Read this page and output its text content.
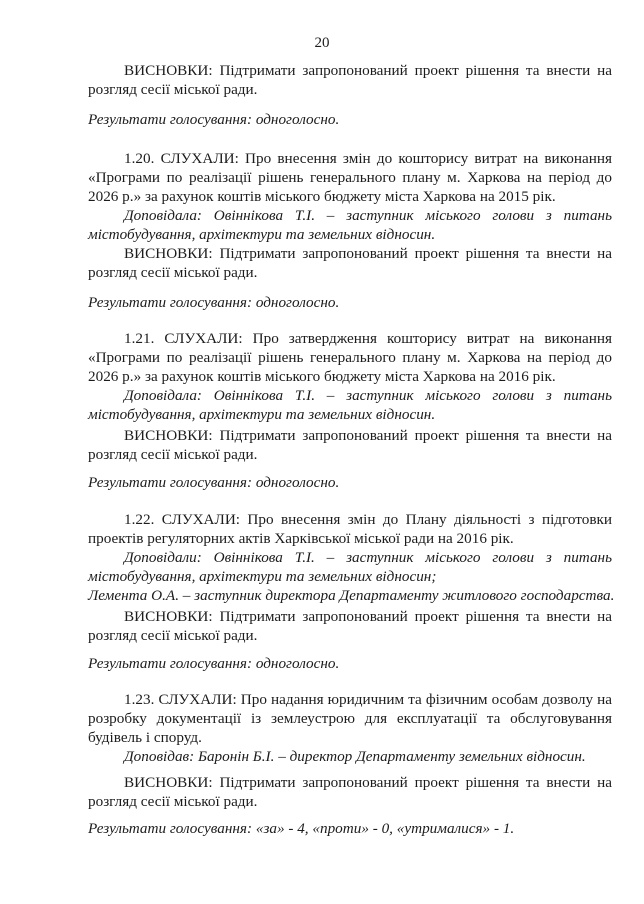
20

ВИСНОВКИ: Підтримати запропонований проект рішення та внести на розгляд сесії міської ради.

Результати голосування: одноголосно.

1.20. СЛУХАЛИ: Про внесення змін до кошторису витрат на виконання «Програми по реалізації рішень генерального плану м. Харкова на період до 2026 р.» за рахунок коштів міського бюджету міста Харкова на 2015 рік.

Доповідала: Овіннікова Т.І. – заступник міського голови з питань містобудування, архітектури та земельних відносин.

ВИСНОВКИ: Підтримати запропонований проект рішення та внести на розгляд сесії міської ради.

Результати голосування: одноголосно.

1.21. СЛУХАЛИ: Про затвердження кошторису витрат на виконання «Програми по реалізації рішень генерального плану м. Харкова на період до 2026 р.» за рахунок коштів міського бюджету міста Харкова на 2016 рік.

Доповідала: Овіннікова Т.І. – заступник міського голови з питань містобудування, архітектури та земельних відносин.

ВИСНОВКИ: Підтримати запропонований проект рішення та внести на розгляд сесії міської ради.

Результати голосування: одноголосно.

1.22. СЛУХАЛИ: Про внесення змін до Плану діяльності з підготовки проектів регуляторних актів Харківської міської ради на 2016 рік.

Доповідали: Овіннікова Т.І. – заступник міського голови з питань містобудування, архітектури та земельних відносин;

Лемента О.А. – заступник директора Департаменту житлового господарства.

ВИСНОВКИ: Підтримати запропонований проект рішення та внести на розгляд сесії міської ради.

Результати голосування: одноголосно.

1.23. СЛУХАЛИ: Про надання юридичним та фізичним особам дозволу на розробку документації із землеустрою для експлуатації та обслуговування будівель і споруд.

Доповідав: Баронін Б.І. – директор Департаменту земельних відносин.

ВИСНОВКИ: Підтримати запропонований проект рішення та внести на розгляд сесії міської ради.

Результати голосування: «за» - 4, «проти» - 0, «утрималися» - 1.
